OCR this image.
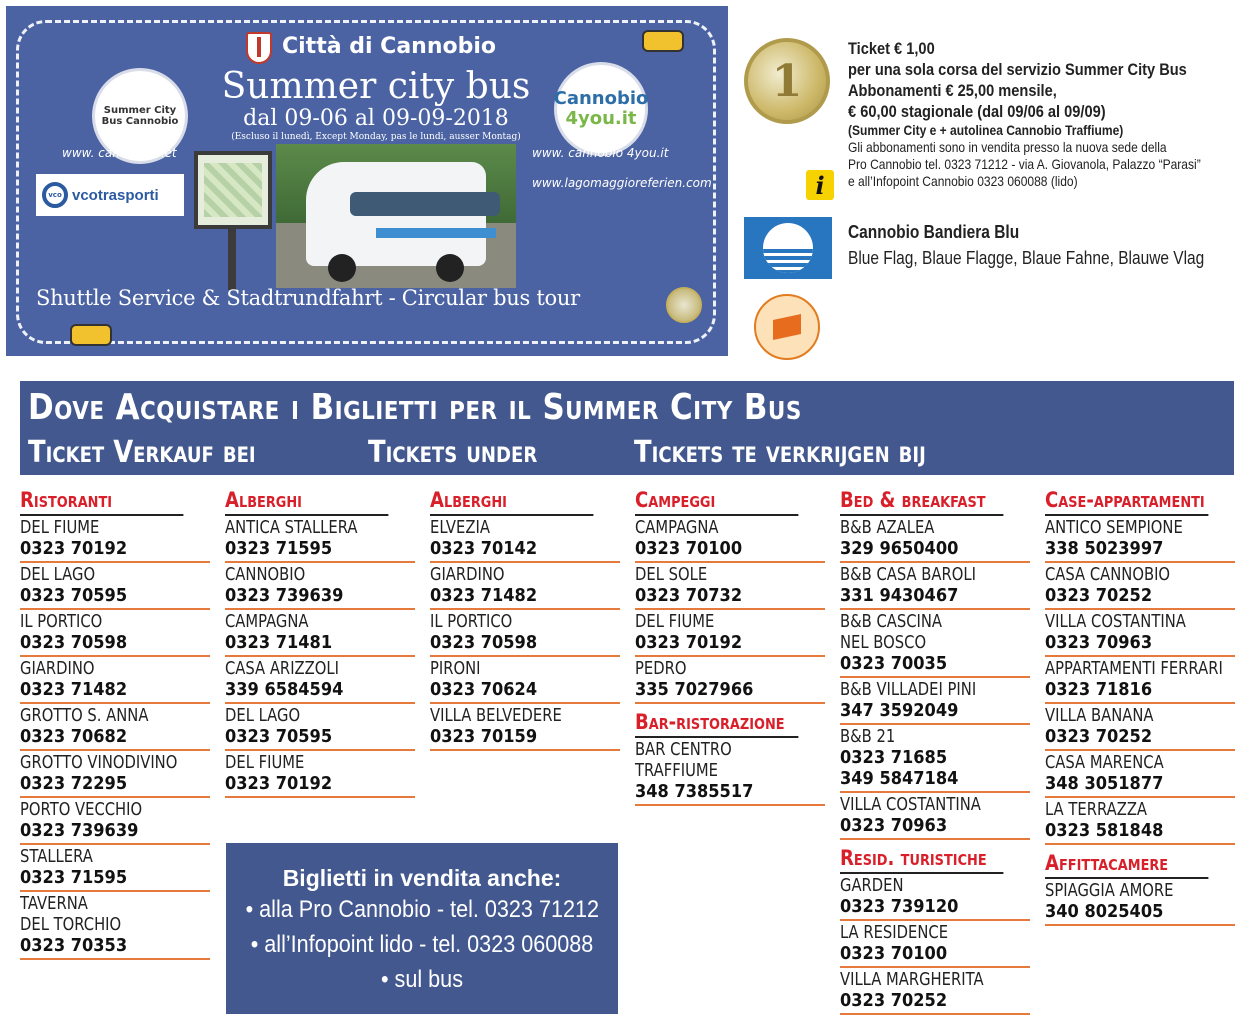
Città di Cannobio
Summer city bus
dal 09-06 al 09-09-2018
(Escluso il lunedì, Except Monday, pas le lundi, ausser Montag)
Summer City Bus Cannobio
Cannobio
4you.it
www. cannobio.net	www. cannobio 4you.it
www.lagomaggioreferien.com
vco vcotrasporti
Shuttle Service & Stadtrundfahrt - Circular bus tour
1
Ticket € 1,00
per una sola corsa del servizio Summer City Bus
Abbonamenti € 25,00 mensile,
€ 60,00 stagionale (dal 09/06 al 09/09)
(Summer City e + autolinea Cannobio Traffiume)
Gli abbonamenti sono in vendita presso la nuova sede della
Pro Cannobio tel. 0323 71212 - via A. Giovanola, Palazzo “Parasi”
e all’Infopoint Cannobio 0323 060088 (lido)
i
Cannobio Bandiera Blu
Blue Flag, Blaue Flagge, Blaue Fahne, Blauwe Vlag
Dove Acquistare i Biglietti per il Summer City Bus
Ticket Verkauf bei	Tickets under	Tickets te verkrijgen bij
Ristoranti
DEL FIUME
0323 70192
DEL LAGO
0323 70595
IL PORTICO
0323 70598
GIARDINO
0323 71482
GROTTO S. ANNA
0323 70682
GROTTO VINODIVINO
0323 72295
PORTO VECCHIO
0323 739639
STALLERA
0323 71595
TAVERNA
DEL TORCHIO
0323 70353
Alberghi
ANTICA STALLERA
0323 71595
CANNOBIO
0323 739639
CAMPAGNA
0323 71481
CASA ARIZZOLI
339 6584594
DEL LAGO
0323 70595
DEL FIUME
0323 70192
Alberghi
ELVEZIA
0323 70142
GIARDINO
0323 71482
IL PORTICO
0323 70598
PIRONI
0323 70624
VILLA BELVEDERE
0323 70159
Campeggi
CAMPAGNA
0323 70100
DEL SOLE
0323 70732
DEL FIUME
0323 70192
PEDRO
335 7027966
Bar-ristorazione
BAR CENTRO
TRAFFIUME
348 7385517
Bed & breakfast
B&B AZALEA
329 9650400
B&B CASA BAROLI
331 9430467
B&B CASCINA
NEL BOSCO
0323 70035
B&B VILLADEI PINI
347 3592049
B&B 21
0323 71685
349 5847184
VILLA COSTANTINA
0323 70963
Resid. turistiche
GARDEN
0323 739120
LA RESIDENCE
0323 70100
VILLA MARGHERITA
0323 70252
Case-appartamenti
ANTICO SEMPIONE
338 5023997
CASA CANNOBIO
0323 70252
VILLA COSTANTINA
0323 70963
APPARTAMENTI FERRARI
0323 71816
VILLA BANANA
0323 70252
CASA MARENCA
348 3051877
LA TERRAZZA
0323 581848
Affittacamere
SPIAGGIA AMORE
340 8025405
Biglietti in vendita anche:
• alla Pro Cannobio - tel. 0323 71212
• all’Infopoint lido - tel. 0323 060088
• sul bus
